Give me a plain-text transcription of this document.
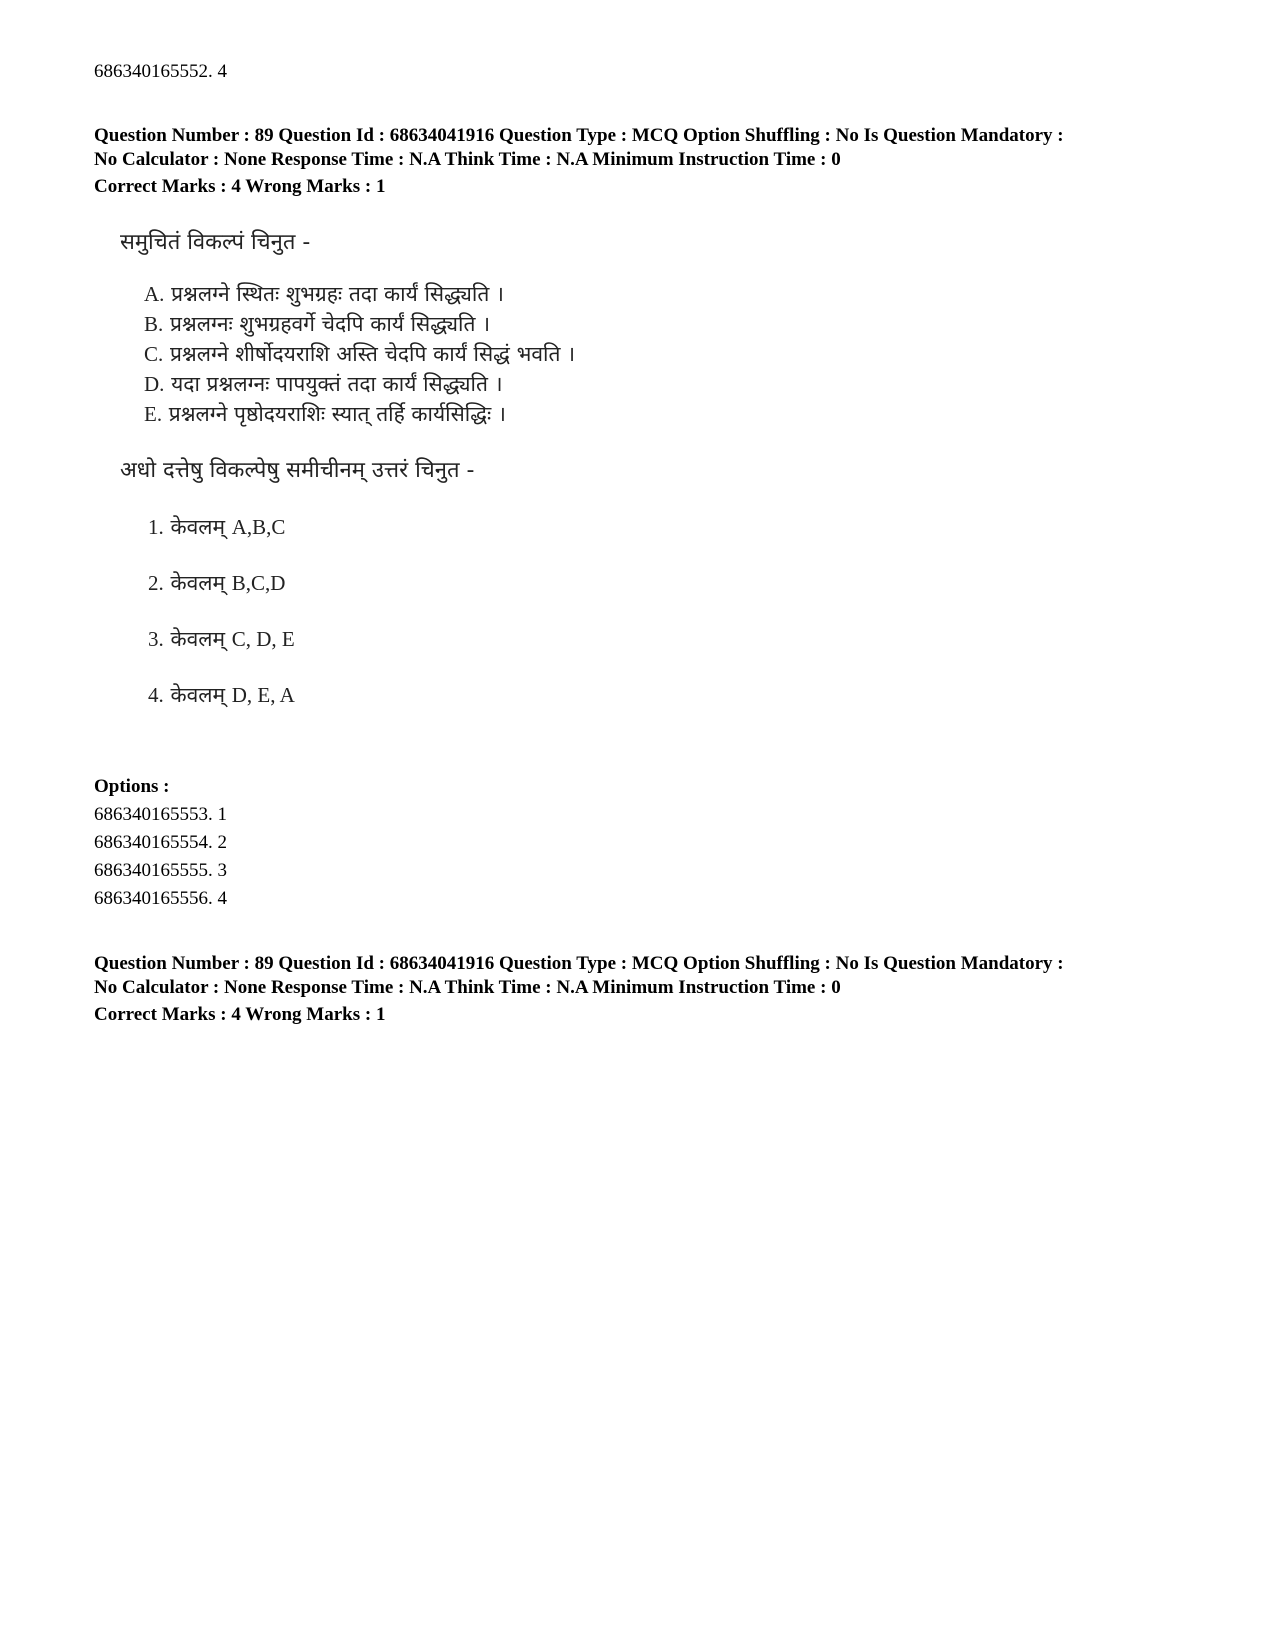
686340165552. 4
Question Number : 89 Question Id : 68634041916 Question Type : MCQ Option Shuffling : No Is Question Mandatory :
No Calculator : None Response Time : N.A Think Time : N.A Minimum Instruction Time : 0
Correct Marks : 4 Wrong Marks : 1
समुचितं विकल्पं चिनुत -
A. प्रश्नलग्ने स्थितः शुभग्रहः तदा कार्यं सिद्ध्यति ।
B. प्रश्नलग्नः शुभग्रहवर्गे चेदपि कार्यं सिद्ध्यति ।
C. प्रश्नलग्ने शीर्षोदयराशि अस्ति चेदपि कार्यं सिद्धं भवति ।
D. यदा प्रश्नलग्नः पापयुक्तं तदा कार्यं सिद्ध्यति ।
E. प्रश्नलग्ने पृष्ठोदयराशिः स्यात् तर्हि कार्यसिद्धिः ।
अधो दत्तेषु विकल्पेषु समीचीनम् उत्तरं चिनुत -
1. केवलम् A,B,C
2. केवलम् B,C,D
3. केवलम् C, D, E
4. केवलम् D, E, A
Options :
686340165553. 1
686340165554. 2
686340165555. 3
686340165556. 4
Question Number : 89 Question Id : 68634041916 Question Type : MCQ Option Shuffling : No Is Question Mandatory :
No Calculator : None Response Time : N.A Think Time : N.A Minimum Instruction Time : 0
Correct Marks : 4 Wrong Marks : 1
